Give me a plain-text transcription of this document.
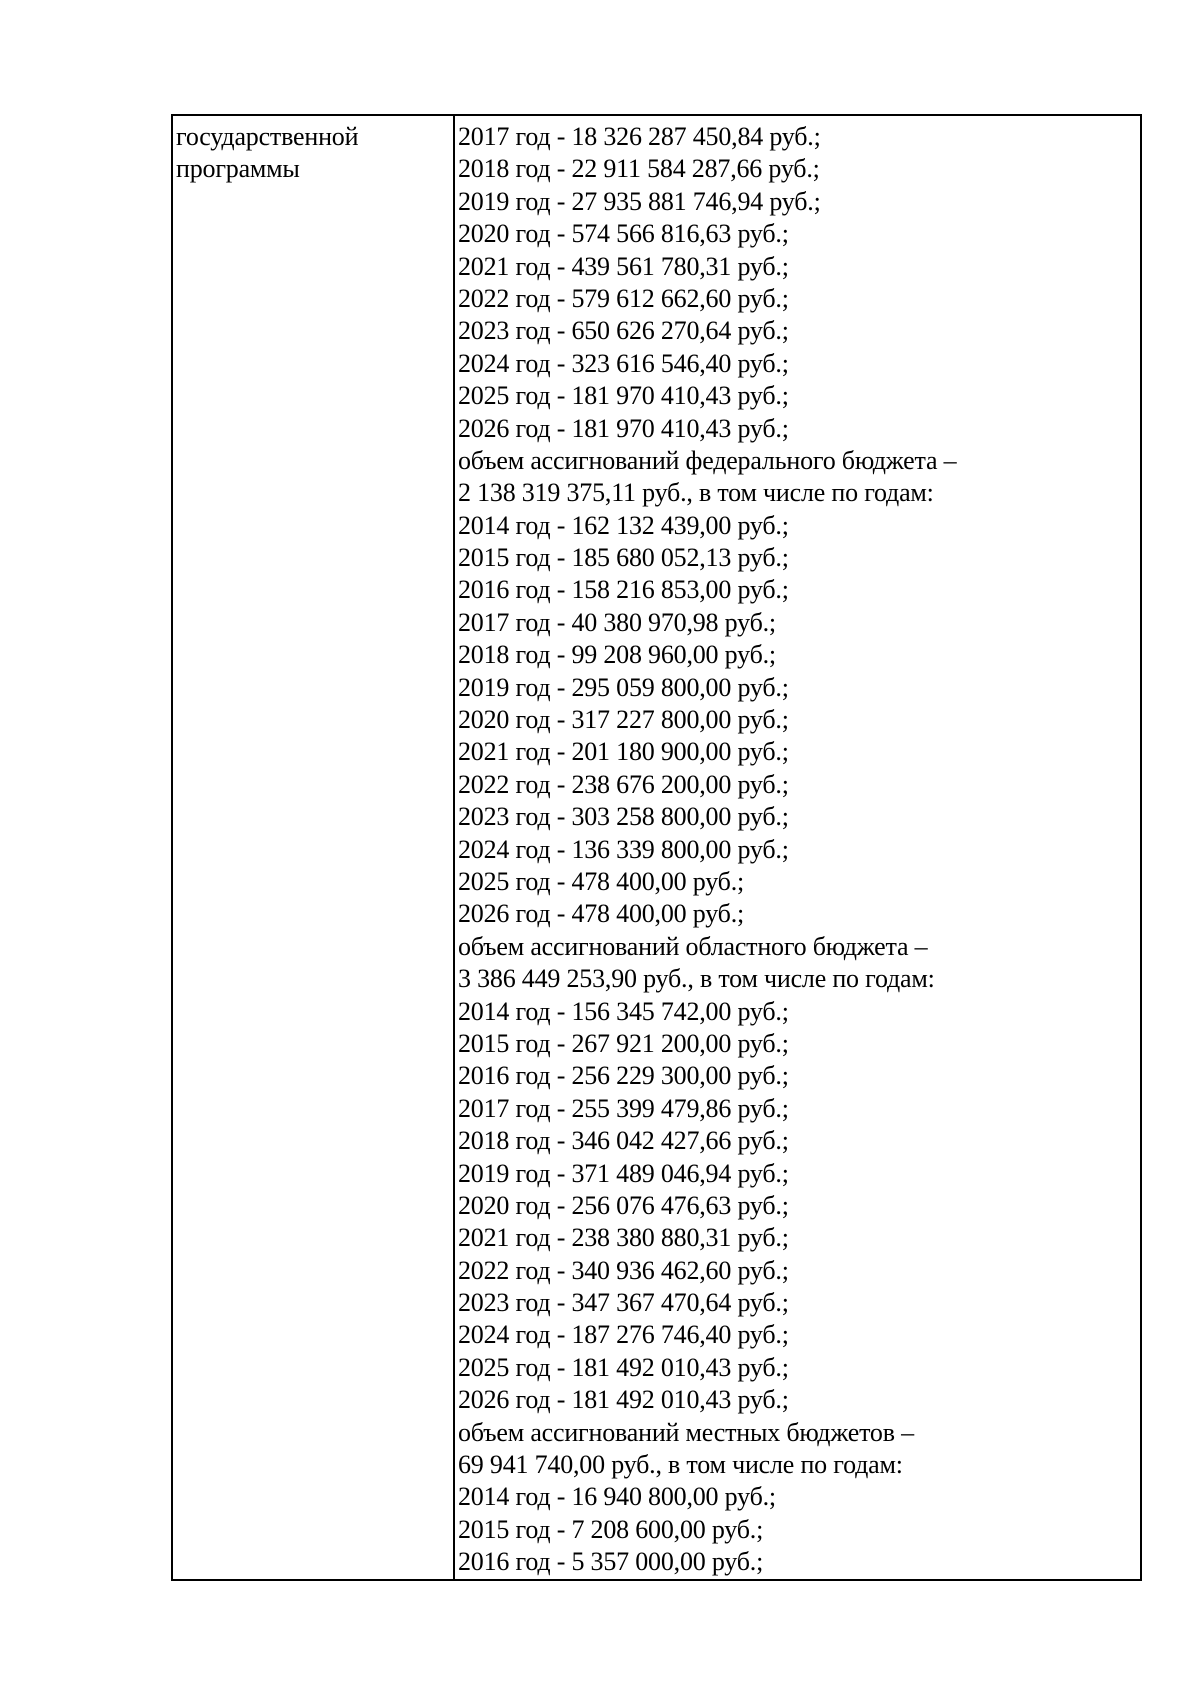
государственной
программы
2017 год - 18 326 287 450,84 руб.;
2018 год - 22 911 584 287,66 руб.;
2019 год - 27 935 881 746,94 руб.;
2020 год - 574 566 816,63 руб.;
2021 год - 439 561 780,31 руб.;
2022 год - 579 612 662,60 руб.;
2023 год - 650 626 270,64 руб.;
2024 год - 323 616 546,40 руб.;
2025 год - 181 970 410,43 руб.;
2026 год - 181 970 410,43 руб.;
объем ассигнований федерального бюджета –
2 138 319 375,11 руб., в том числе по годам:
2014 год - 162 132 439,00 руб.;
2015 год - 185 680 052,13 руб.;
2016 год - 158 216 853,00 руб.;
2017 год - 40 380 970,98 руб.;
2018 год - 99 208 960,00 руб.;
2019 год - 295 059 800,00 руб.;
2020 год - 317 227 800,00 руб.;
2021 год - 201 180 900,00 руб.;
2022 год - 238 676 200,00 руб.;
2023 год - 303 258 800,00 руб.;
2024 год - 136 339 800,00 руб.;
2025 год - 478 400,00 руб.;
2026 год - 478 400,00 руб.;
объем ассигнований областного бюджета –
3 386 449 253,90 руб., в том числе по годам:
2014 год - 156 345 742,00 руб.;
2015 год - 267 921 200,00 руб.;
2016 год - 256 229 300,00 руб.;
2017 год - 255 399 479,86 руб.;
2018 год - 346 042 427,66 руб.;
2019 год - 371 489 046,94 руб.;
2020 год - 256 076 476,63 руб.;
2021 год - 238 380 880,31 руб.;
2022 год - 340 936 462,60 руб.;
2023 год - 347 367 470,64 руб.;
2024 год - 187 276 746,40 руб.;
2025 год - 181 492 010,43 руб.;
2026 год - 181 492 010,43 руб.;
объем ассигнований местных бюджетов –
69 941 740,00 руб., в том числе по годам:
2014 год - 16 940 800,00 руб.;
2015 год - 7 208 600,00 руб.;
2016 год - 5 357 000,00 руб.;
